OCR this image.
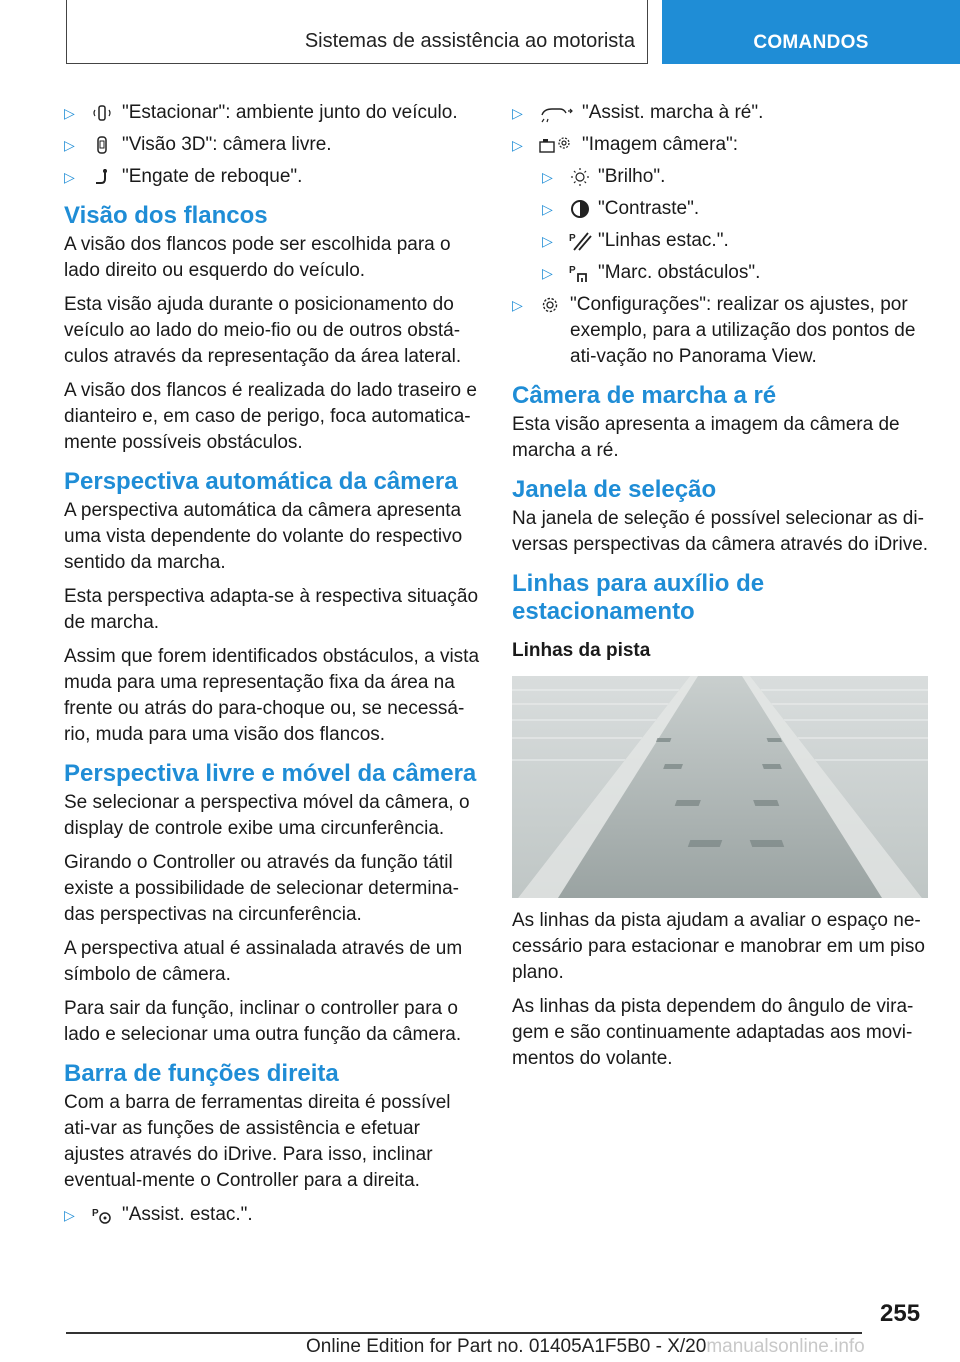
Sistemas de assistência ao motorista	COMANDOS
▷ "Estacionar": ambiente junto do veículo.
▷ "Visão 3D": câmera livre.
▷ "Engate de reboque".
Visão dos flancos

A visão dos flancos pode ser escolhida para o lado direito ou esquerdo do veículo.

Esta visão ajuda durante o posicionamento do veículo ao lado do meio-fio ou de outros obstá-culos através da representação da área lateral.

A visão dos flancos é realizada do lado traseiro e dianteiro e, em caso de perigo, foca automatica-mente possíveis obstáculos.

Perspectiva automática da câmera

A perspectiva automática da câmera apresenta uma vista dependente do volante do respectivo sentido da marcha.

Esta perspectiva adapta-se à respectiva situação de marcha.

Assim que forem identificados obstáculos, a vista muda para uma representação fixa da área na frente ou atrás do para-choque ou, se necessá-rio, muda para uma visão dos flancos.

Perspectiva livre e móvel da câmera

Se selecionar a perspectiva móvel da câmera, o display de controle exibe uma circunferência.

Girando o Controller ou através da função tátil existe a possibilidade de selecionar determina-das perspectivas na circunferência.

A perspectiva atual é assinalada através de um símbolo de câmera.

Para sair da função, inclinar o controller para o lado e selecionar uma outra função da câmera.

Barra de funções direita

Com a barra de ferramentas direita é possível ati-var as funções de assistência e efetuar ajustes através do iDrive. Para isso, inclinar eventual-mente o Controller para a direita.

▷ P "Assist. estac.".
▷	"Assist. marcha à ré".
▷	"Imagem câmera":
▷ "Brilho".
▷ "Contraste".
▷ P "Linhas estac.".
▷ P "Marc. obstáculos".
▷ "Configurações": realizar os ajustes, por exemplo, para a utilização dos pontos de ati-vação no Panorama View.
Câmera de marcha a ré

Esta visão apresenta a imagem da câmera de marcha a ré.

Janela de seleção

Na janela de seleção é possível selecionar as di-versas perspectivas da câmera através do iDrive.

Linhas para auxílio de estacionamento
Linhas da pista

As linhas da pista ajudam a avaliar o espaço ne-cessário para estacionar e manobrar em um piso plano.

As linhas da pista dependem do ângulo de vira-gem e são continuamente adaptadas aos movi-mentos do volante.

255
Online Edition for Part no. 01405A1F5B0 - X/20manualsonline.info
